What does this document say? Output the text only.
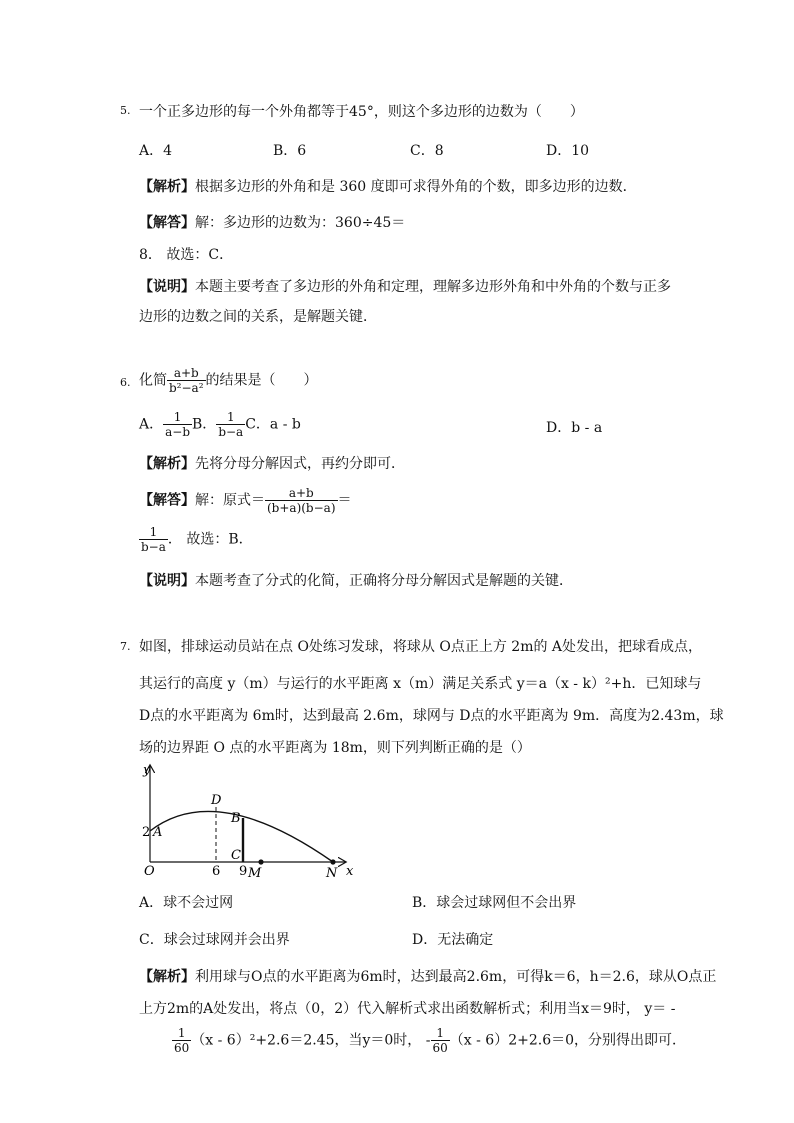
5. 一个正多边形的每一个外角都等于45°，则这个多边形的边数为（　　）
A．4	B．6	C．8	D．10
【解析】根据多边形的外角和是 360 度即可求得外角的个数，即多边形的边数．
【解答】解：多边形的边数为：360÷45＝
8． 故选：C．
【说明】本题主要考查了多边形的外角和定理，理解多边形外角和中外角的个数与正多
边形的边数之间的关系，是解题关键．
6. 化简 $\frac{a+b}{\text{b²−a²}}$ 的结果是（　　）
A． $\frac{1}{a-b}$ B． $\frac{1}{b-a}$ C．a - b	D．b - a
【解析】先将分母分解因式，再约分即可．
【解答】解：原式＝ $\frac{a+b}{(b+a)(b-a)}$ ＝
$\frac{1}{b-a}$ ． 故选：B．
【说明】本题考查了分式的化简，正确将分母分解因式是解题的关键．
7. 如图，排球运动员站在点 O处练习发球，将球从 O点正上方 2m的 A处发出，把球看成点，
其运行的高度 y（m）与运行的水平距离 x（m）满足关系式 y＝a（x - k）²+h．已知球与
D点的水平距离为 6m时，达到最高 2.6m，球网与 D点的水平距离为 9m．高度为2.43m，球
场的边界距 O 点的水平距离为 18m，则下列判断正确的是（）
y
x
O
2 A
D
B
C
6 9 M	N
A．球不会过网	B．球会过球网但不会出界
C．球会过球网并会出界	D．无法确定
【解析】利用球与O点的水平距离为6m时，达到最高2.6m，可得k＝6，h＝2.6，球从O点正
上方2m的A处发出，将点（0，2）代入解析式求出函数解析式；利用当x＝9时， y＝ -
$\frac{1}{60} (x - 6)^2+2.6=2.45$，当y＝0时， - $\frac{1}{60} (x - 6)2+2.6=0$，分别得出即可．
